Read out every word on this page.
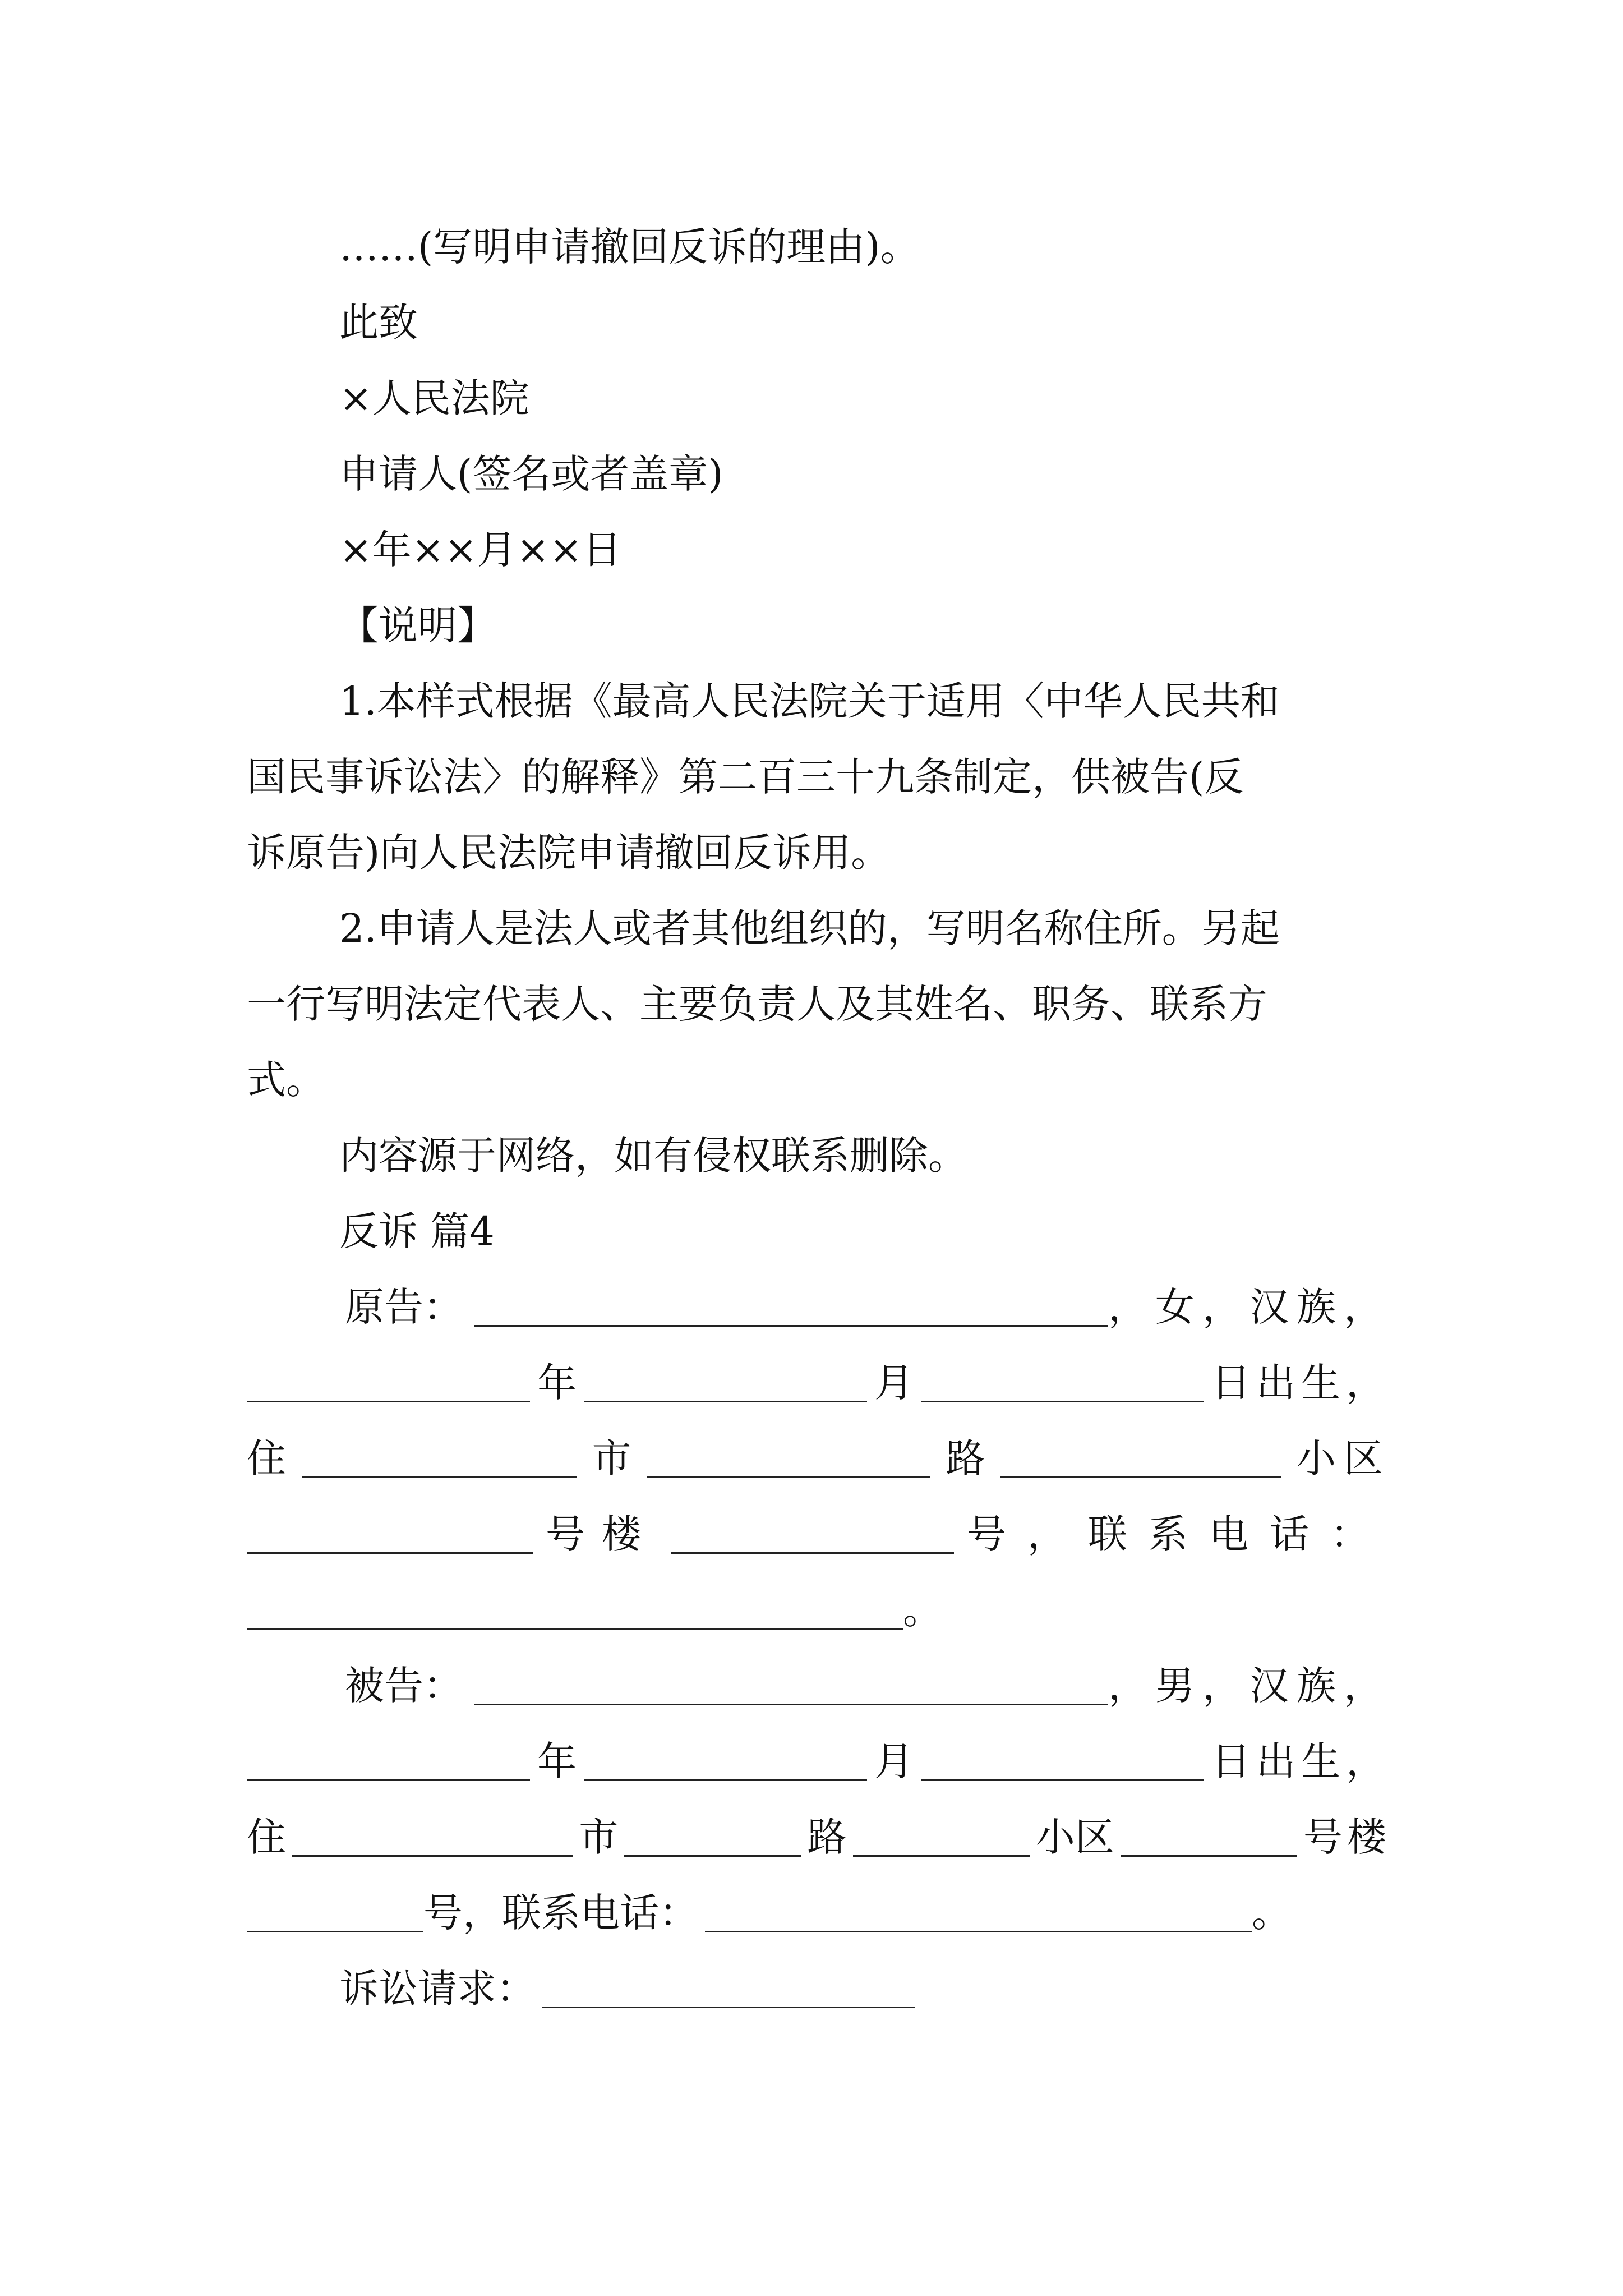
……(写明申请撤回反诉的理由)。
此致
×人民法院
申请人(签名或者盖章)
×年××月××日
【说明】
1.本样式根据《最高人民法院关于适用〈中华人民共和
国民事诉讼法〉的解释》第二百三十九条制定，供被告(反
诉原告)向人民法院申请撤回反诉用。
2.申请人是法人或者其他组织的，写明名称住所。另起
一行写明法定代表人、主要负责人及其姓名、职务、联系方
式。
内容源于网络，如有侵权联系删除。
反诉 篇4
原告：	，女，汉族，
年	月	日出生，
住	市	路	小区
号楼	号，联系电话：
。
被告：	，男，汉族，
年	月	日出生，
住	市	路	小区	号楼
号，联系电话：	。
诉讼请求：
